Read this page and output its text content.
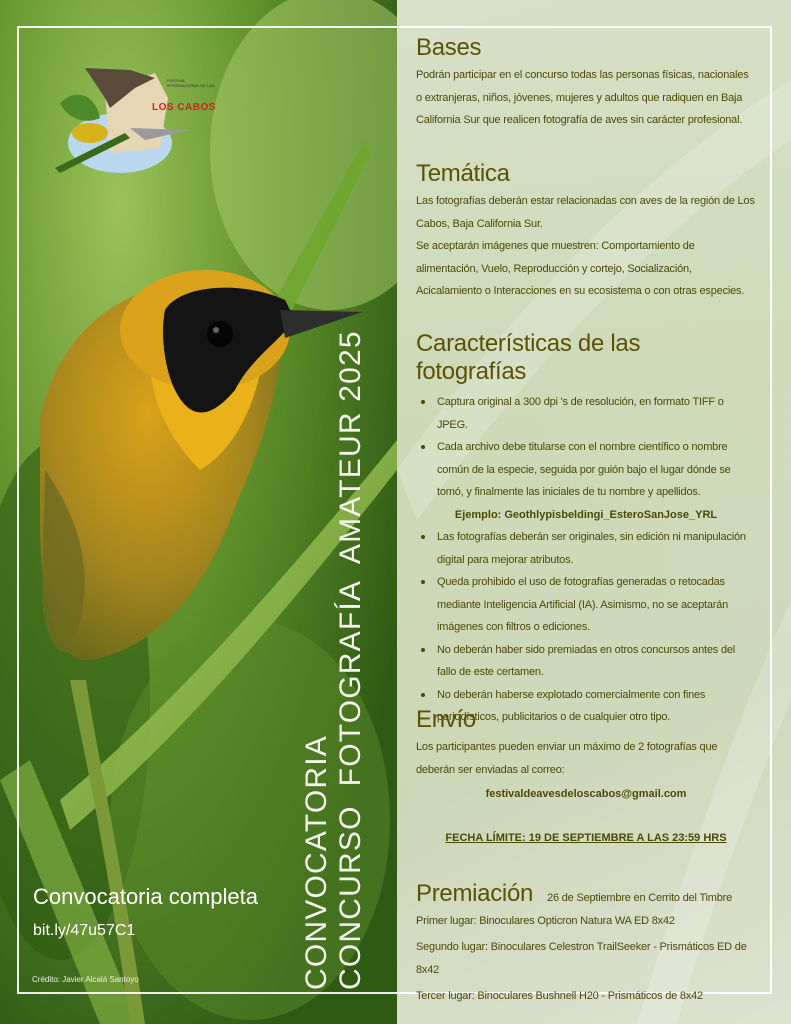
FESTIVAL INTERNACIONAL DE LAS
LOS CABOS
Convocatoria completa
bit.ly/47u57C1
Crédito: Javier Alcalá Santoyo	CONVOCATORIA CONCURSO  FOTOGRAFÍA  AMATEUR 2025
Bases

Podrán participar en el concurso todas las personas físicas, nacionales o extranjeras, niños, jóvenes, mujeres y adultos que radiquen en Baja California Sur que realicen fotografía de aves sin carácter profesional.

Temática

Las fotografías deberán estar relacionadas con aves de la región de Los Cabos, Baja California Sur.

Se aceptarán imágenes que muestren: Comportamiento de alimentación, Vuelo, Reproducción y cortejo, Socialización, Acicalamiento o Interacciones en su ecosistema o con otras especies.

Características de las fotografías
Captura original a 300 dpi 's de resolución, en formato TIFF o JPEG.
Cada archivo debe titularse con el nombre científico o nombre común de la especie, seguida por guión bajo el lugar dónde se tomó, y finalmente las iniciales de tu nombre y apellidos.
Ejemplo: Geothlypisbeldingi_EsteroSanJose_YRL
Las fotografías deberán ser originales, sin edición ni manipulación digital para mejorar atributos.
Queda prohibido el uso de fotografías generadas o retocadas mediante Inteligencia Artificial (IA). Asimismo, no se aceptarán imágenes con filtros o ediciones.
No deberán haber sido premiadas en otros concursos antes del fallo de este certamen.
No deberán haberse explotado comercialmente con fines periodísticos, publicitarios o de cualquier otro tipo.
Envío

Los participantes pueden enviar un máximo de 2 fotografías que deberán ser enviadas al correo:

festivaldeavesdeloscabos@gmail.com
FECHA LÍMITE: 19 DE SEPTIEMBRE A LAS 23:59 HRS
Premiación 26 de Septiembre en Cerrito del Timbre

Primer lugar: Binoculares Opticron Natura WA ED 8x42

Segundo lugar: Binoculares Celestron TrailSeeker - Prismáticos ED de 8x42

Tercer lugar: Binoculares Bushnell H20 - Prismáticos de 8x42
